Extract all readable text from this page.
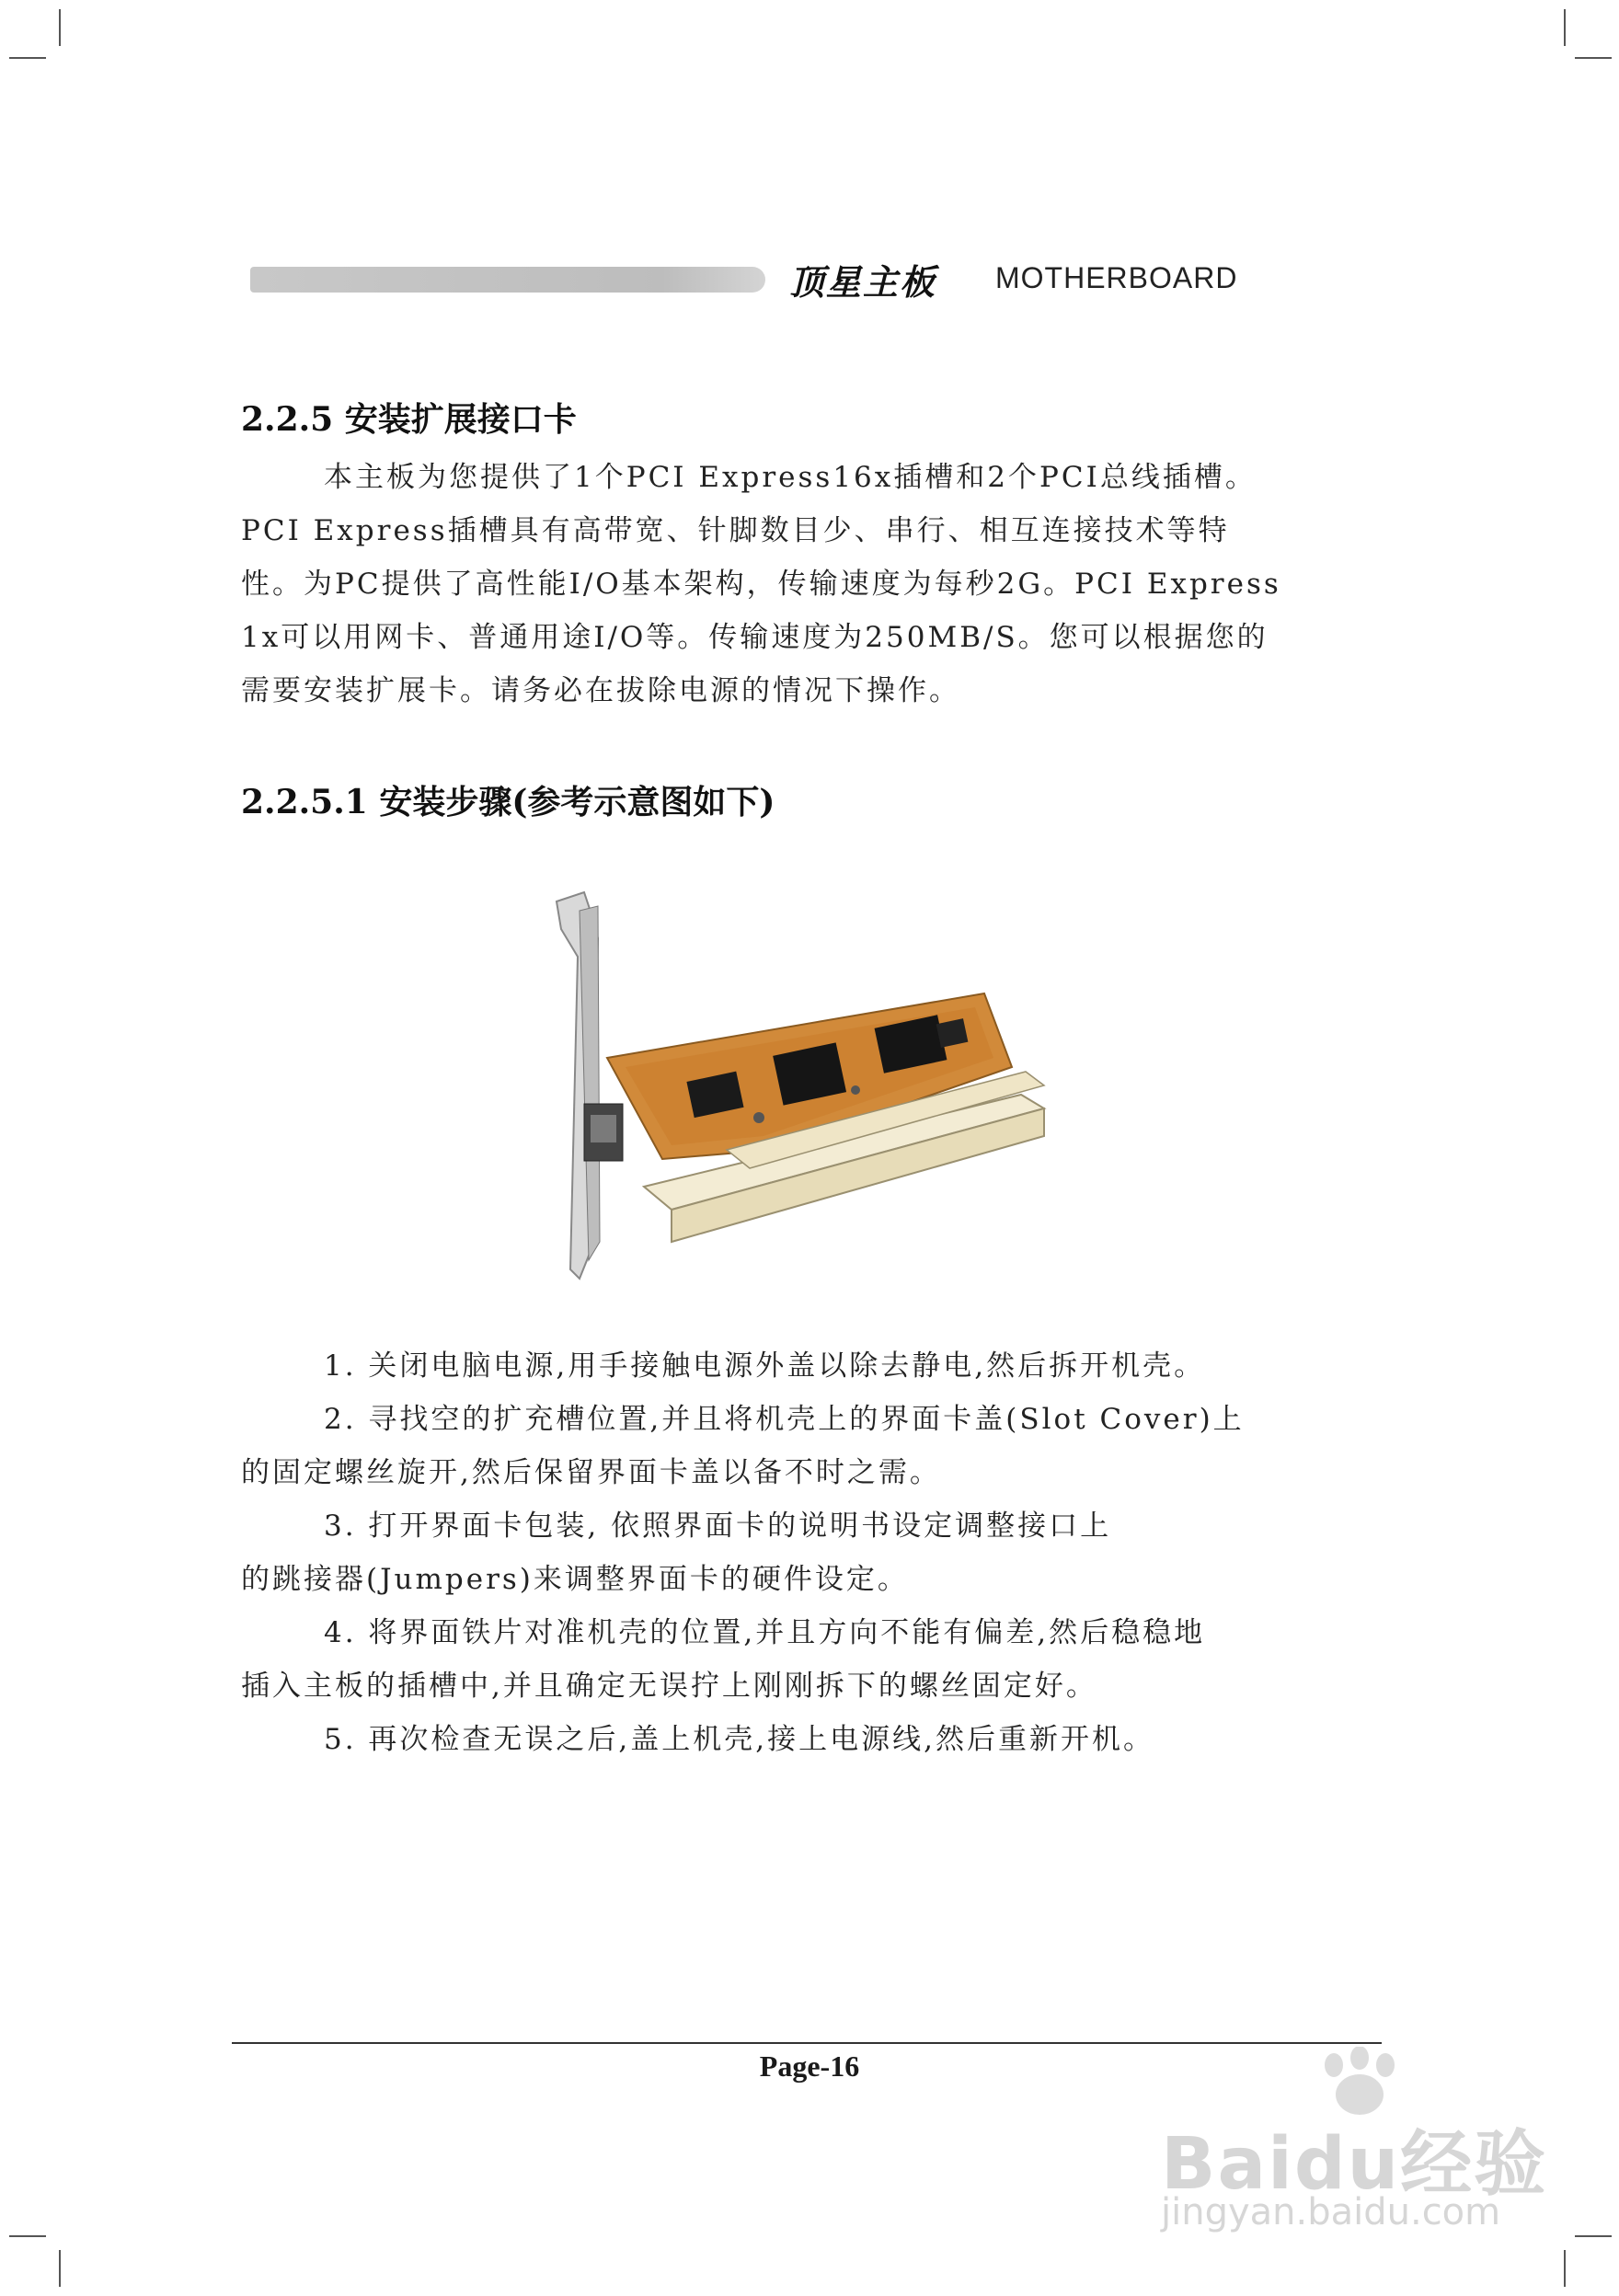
顶星主板 MOTHERBOARD
2.2.5 安装扩展接口卡
本主板为您提供了1个PCI Express16x插槽和2个PCI总线插槽。
PCI Express插槽具有高带宽、针脚数目少、串行、相互连接技术等特
性。为PC提供了高性能I/O基本架构，传输速度为每秒2G。PCI Express
1x可以用网卡、普通用途I/O等。传输速度为250MB/S。您可以根据您的
需要安装扩展卡。请务必在拔除电源的情况下操作。
2.2.5.1 安装步骤(参考示意图如下)
1. 关闭电脑电源,用手接触电源外盖以除去静电,然后拆开机壳。
2. 寻找空的扩充槽位置,并且将机壳上的界面卡盖(Slot Cover)上
的固定螺丝旋开,然后保留界面卡盖以备不时之需。
3. 打开界面卡包装, 依照界面卡的说明书设定调整接口上
的跳接器(Jumpers)来调整界面卡的硬件设定。
4. 将界面铁片对准机壳的位置,并且方向不能有偏差,然后稳稳地
插入主板的插槽中,并且确定无误拧上刚刚拆下的螺丝固定好。
5. 再次检查无误之后,盖上机壳,接上电源线,然后重新开机。
Page-16
Baidu经验
jingyan.baidu.com
